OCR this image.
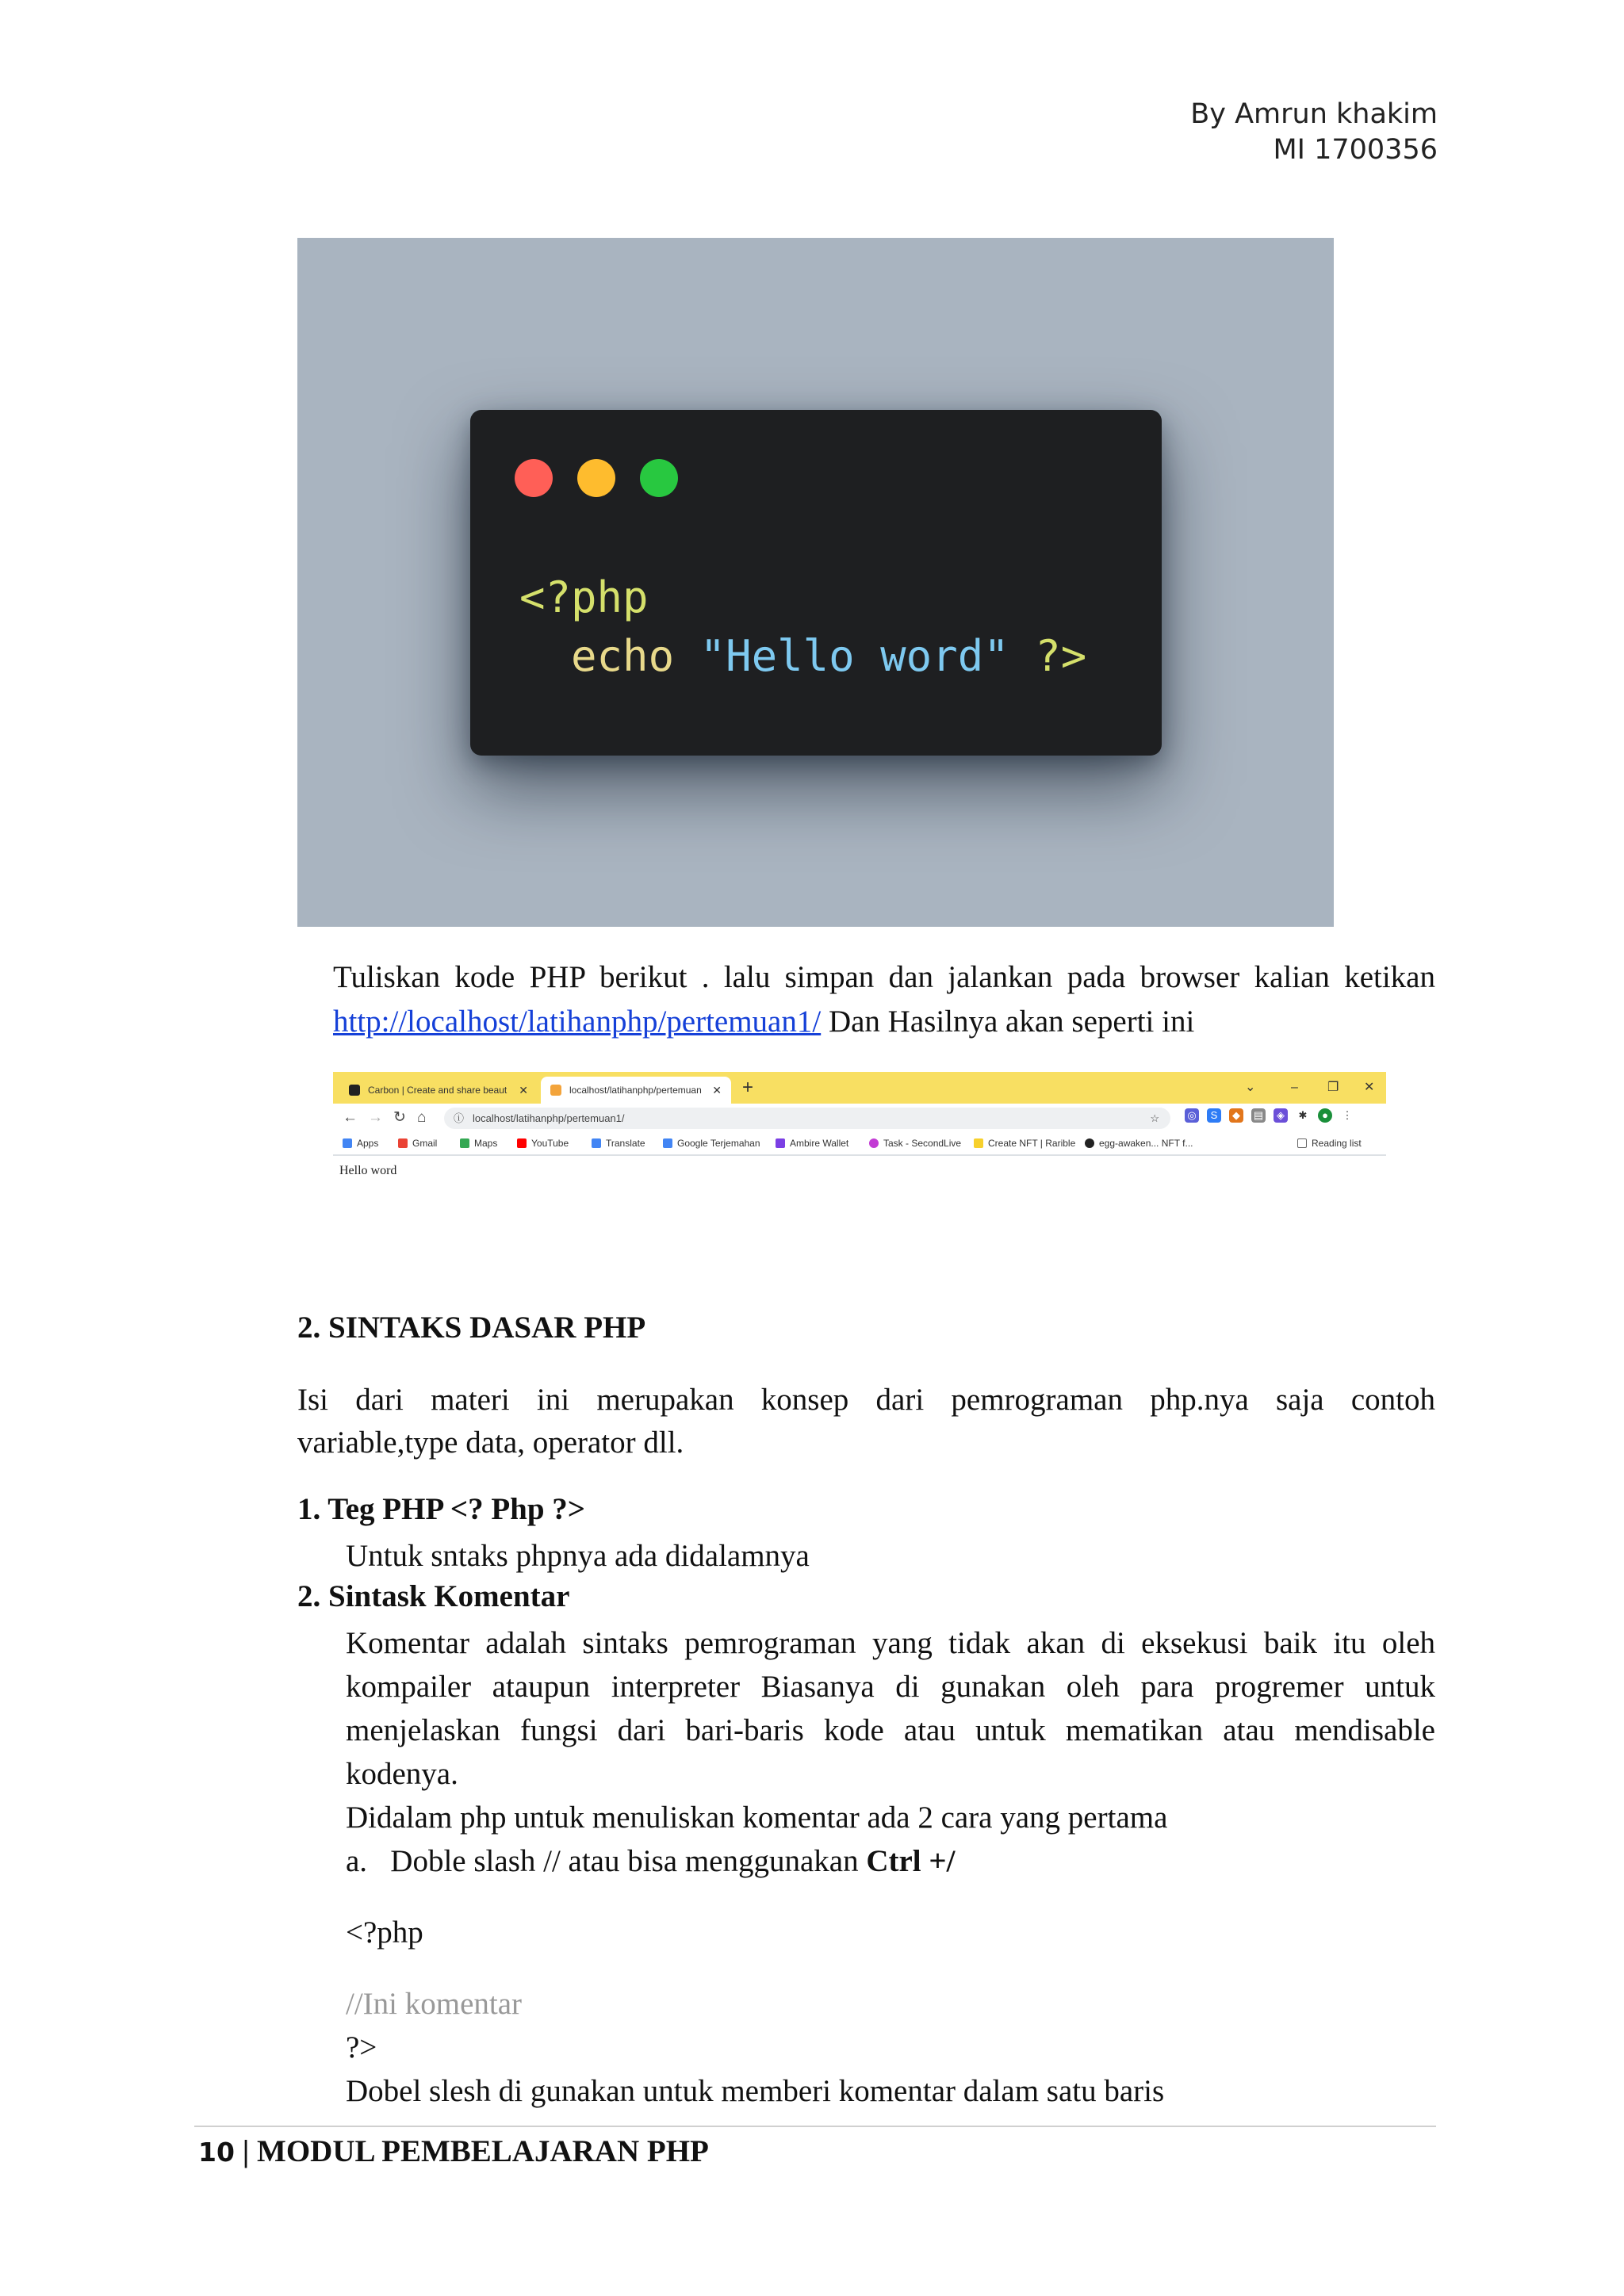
By Amrun khakim
MI 1700356
<?php
echo "Hello word" ?>
Tuliskan kode PHP berikut . lalu simpan dan jalankan pada browser kalian ketikan
http://localhost/latihanphp/pertemuan1/ Dan Hasilnya akan seperti ini
Carbon | Create and share beaut ✕	localhost/latihanphp/pertemuan ✕ +	⌄	– ❐ ✕
← → ↻ ⌂	ⓘ localhost/latihanphp/pertemuan1/	☆	◎	S	◆	▤	◈	✱	●	⋮
Apps	Gmail	Maps	YouTube	Translate	Google Terjemahan	Ambire Wallet	Task - SecondLive	Create NFT | Rarible	egg-awaken... NFT f...	Reading list
Hello word
2. SINTAKS DASAR PHP
Isi dari materi ini merupakan konsep dari pemrograman php.nya saja contoh
variable,type data, operator dll.
1. Teg PHP <? Php ?>
Untuk sntaks phpnya ada didalamnya
2. Sintask Komentar
Komentar adalah sintaks pemrograman yang tidak akan di eksekusi baik itu oleh
kompailer ataupun interpreter Biasanya di gunakan oleh para progremer untuk
menjelaskan fungsi dari bari-baris kode atau untuk mematikan atau mendisable
kodenya.
Didalam php untuk menuliskan komentar ada 2 cara yang pertama
a.   Doble slash // atau bisa menggunakan Ctrl +/
<?php
//Ini komentar
?>
Dobel slesh di gunakan untuk memberi komentar dalam satu baris
10 | MODUL PEMBELAJARAN PHP
